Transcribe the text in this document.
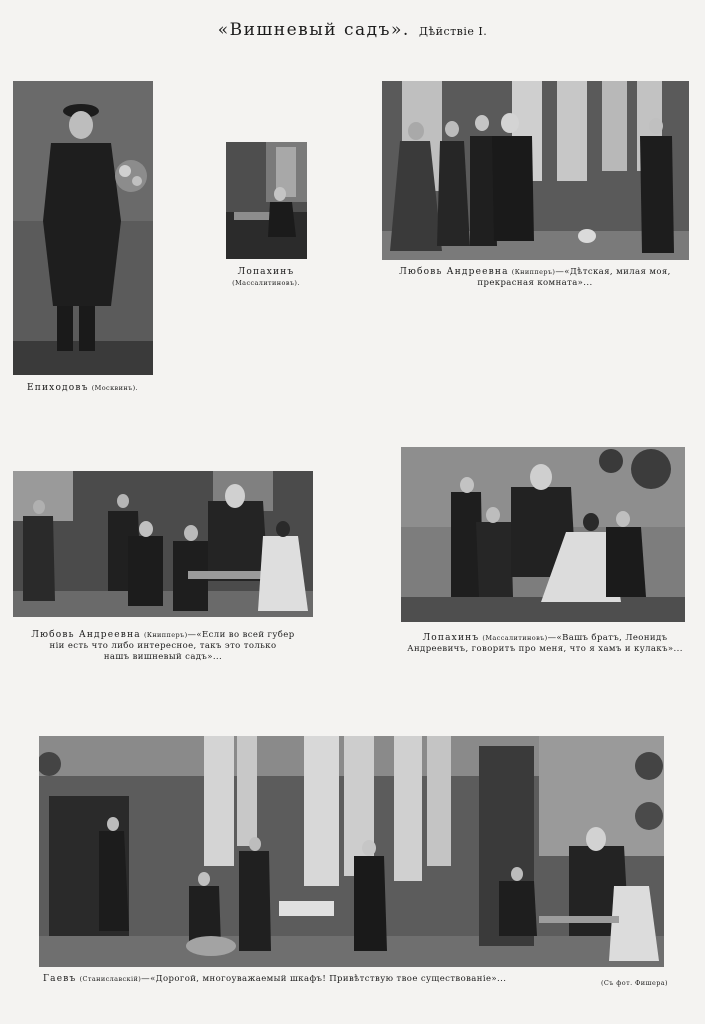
«Вишневый садъ». Дѣйствiе I.
Епиходовъ (Москвинъ).
Лопахинъ
(Массалитиновъ).
Любовь Андреевна (Книпперъ)—«Дѣтская, милая моя, прекрасная комната»...
Любовь Андреевна (Книпперъ)—«Если во всей губер
нiи есть что либо интересное, такъ это только
нашъ вишневый садъ»...
Лопахинъ (Массалитиновъ)—«Вашъ братъ, Леонидъ
Андреевичъ, говоритъ про меня, что я хамъ и кулакъ»...
Гаевъ (Станиславскiй)—«Дорогой, многоуважаемый шкафъ! Привѣтствую твое существованiе»...	(Съ фот. Фишера)
